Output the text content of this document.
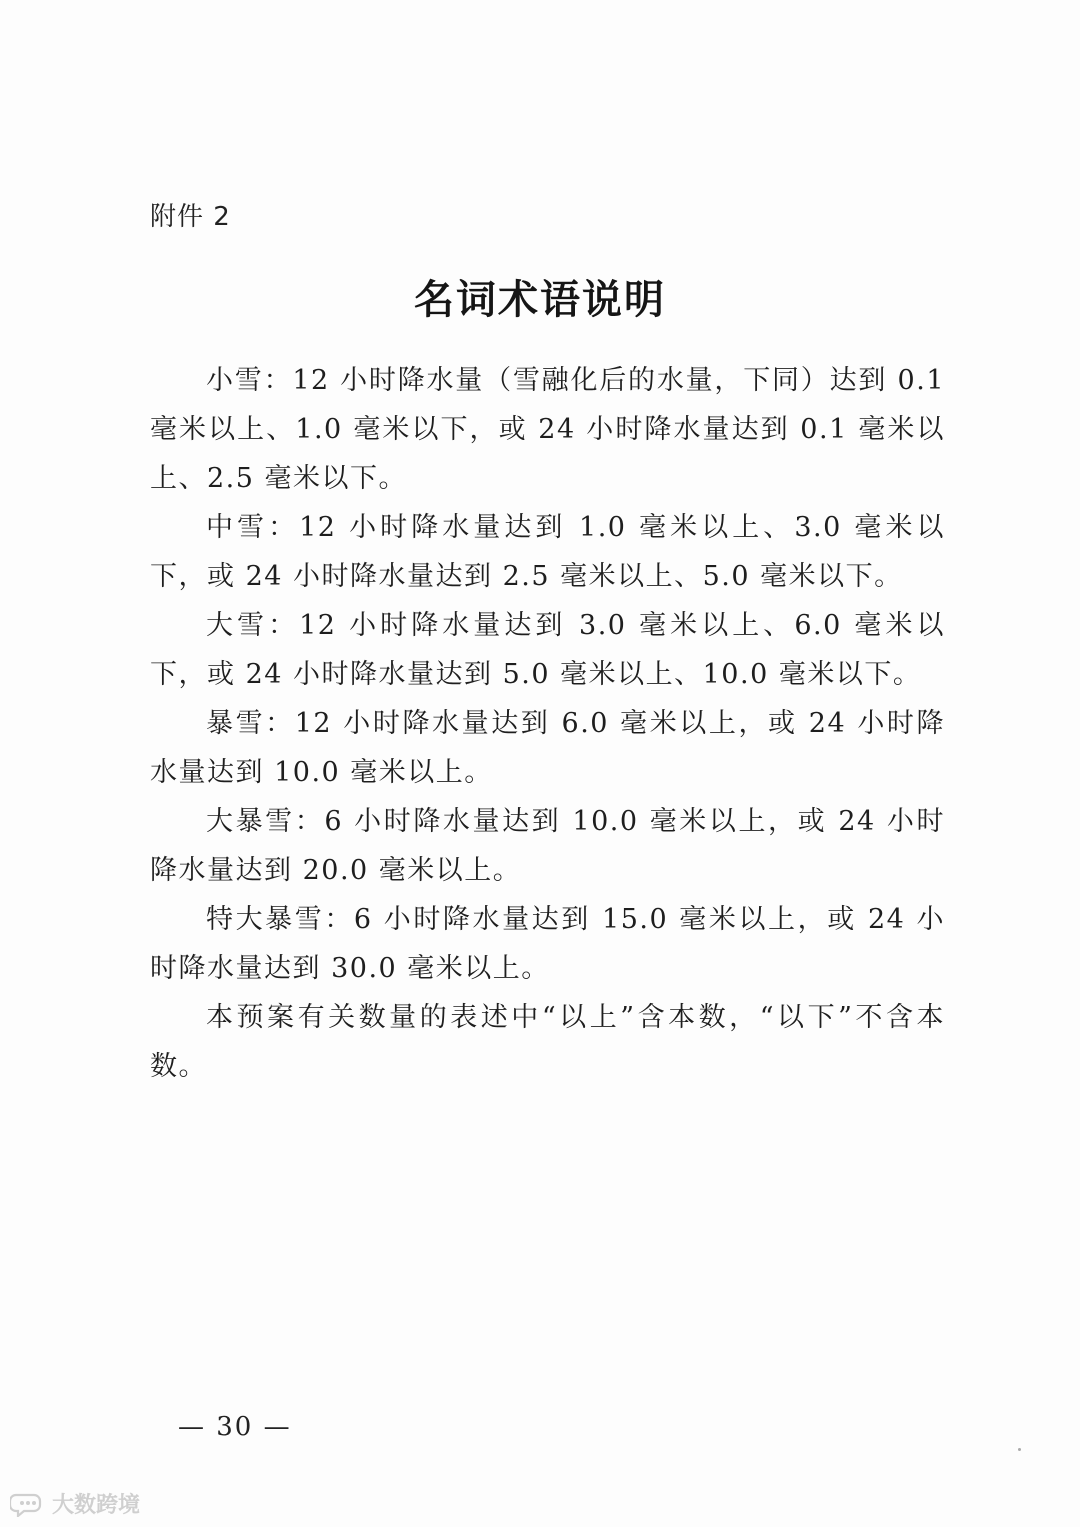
附件 2
名词术语说明

小雪：12 小时降水量（雪融化后的水量，下同）达到 0.1 毫米以上、1.0 毫米以下，或 24 小时降水量达到 0.1 毫米以上、2.5 毫米以下。

中雪：12 小时降水量达到 1.0 毫米以上、3.0 毫米以下，或 24 小时降水量达到 2.5 毫米以上、5.0 毫米以下。

大雪：12 小时降水量达到 3.0 毫米以上、6.0 毫米以下，或 24 小时降水量达到 5.0 毫米以上、10.0 毫米以下。

暴雪：12 小时降水量达到 6.0 毫米以上，或 24 小时降水量达到 10.0 毫米以上。

大暴雪：6 小时降水量达到 10.0 毫米以上，或 24 小时降水量达到 20.0 毫米以上。

特大暴雪：6 小时降水量达到 15.0 毫米以上，或 24 小时降水量达到 30.0 毫米以上。

本预案有关数量的表述中“以上”含本数，“以下”不含本数。

— 30 —
大数跨境
